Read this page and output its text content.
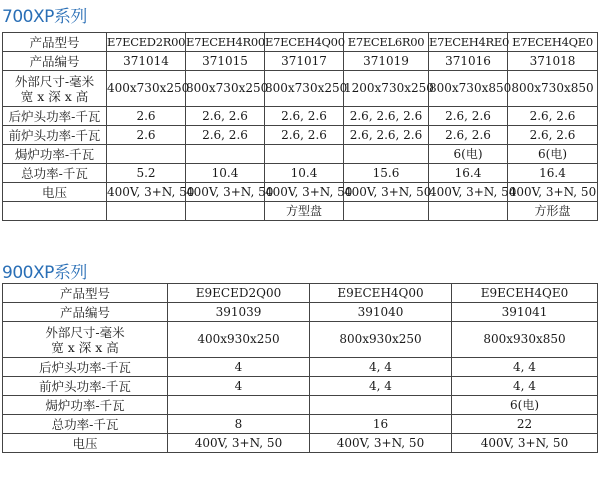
700XP系列
产品型号	E7ECED2R00	E7ECEH4R00	E7ECEH4Q00	E7ECEL6R00	E7ECEH4RE0	E7ECEH4QE0
产品编号	371014	371015	371017	371019	371016	371018

外部尺寸-毫米
宽 x 深 x 高	400x730x250	800x730x250	800x730x250	1200x730x250	800x730x850	800x730x850
后炉头功率-千瓦	2.6	2.6, 2.6	2.6, 2.6	2.6, 2.6, 2.6	2.6, 2.6	2.6, 2.6
前炉头功率-千瓦	2.6	2.6, 2.6	2.6, 2.6	2.6, 2.6, 2.6	2.6, 2.6	2.6, 2.6
焗炉功率-千瓦					6(电)	6(电)
总功率-千瓦	5.2	10.4	10.4	15.6	16.4	16.4
电压	400V, 3+N, 50	400V, 3+N, 50	400V, 3+N, 50	400V, 3+N, 50	400V, 3+N, 50	400V, 3+N, 50
			方型盘			方形盘
900XP系列
产品型号	E9ECED2Q00	E9ECEH4Q00	E9ECEH4QE0
产品编号	391039	391040	391041

外部尺寸-毫米
宽 x 深 x 高	400x930x250	800x930x250	800x930x850
后炉头功率-千瓦	4	4, 4	4, 4
前炉头功率-千瓦	4	4, 4	4, 4
焗炉功率-千瓦			6(电)
总功率-千瓦	8	16	22
电压	400V, 3+N, 50	400V, 3+N, 50	400V, 3+N, 50
